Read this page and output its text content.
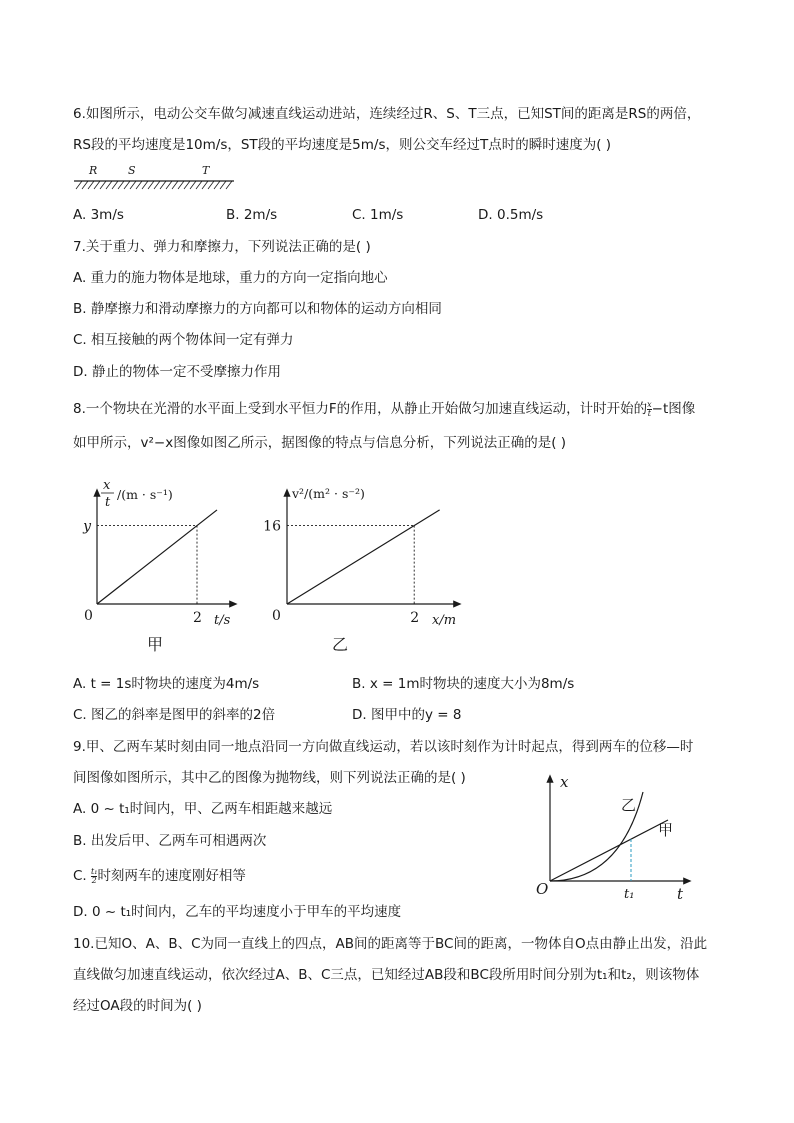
6.如图所示，电动公交车做匀减速直线运动进站，连续经过R、S、T三点，已知ST间的距离是RS的两倍，
RS段的平均速度是10m/s，ST段的平均速度是5m/s，则公交车经过T点时的瞬时速度为( )
R	S	T
A. 3m/s	B. 2m/s	C. 1m/s	D. 0.5m/s
7.关于重力、弹力和摩擦力，下列说法正确的是( )
A. 重力的施力物体是地球，重力的方向一定指向地心
B. 静摩擦力和滑动摩擦力的方向都可以和物体的运动方向相同
C. 相互接触的两个物体间一定有弹力
D. 静止的物体一定不受摩擦力作用
8.一个物块在光滑的水平面上受到水平恒力F的作用，从静止开始做匀加速直线运动，计时开始的 $\frac{x}{t} -t$图像
如甲所示，v²−x图像如图乙所示，据图像的特点与信息分析，下列说法正确的是( )
2
y
x
t
/(m · s⁻¹)
t/s
0
甲
2
16
v²/(m² · s⁻²)
x/m
0
乙
A. t = 1s时物块的速度为4m/s	B. x = 1m时物块的速度大小为8m/s
C. 图乙的斜率是图甲的斜率的2倍	D. 图甲中的y = 8
9.甲、乙两车某时刻由同一地点沿同一方向做直线运动，若以该时刻作为计时起点，得到两车的位移—时
间图像如图所示，其中乙的图像为抛物线，则下列说法正确的是( )
A. 0 ~ t₁时间内，甲、乙两车相距越来越远
B. 出发后甲、乙两车可相遇两次
C. $\frac{\text{t₁}}{2}$ 时刻两车的速度刚好相等
D. 0 ~ t₁时间内，乙车的平均速度小于甲车的平均速度
x
t
O
乙
甲
t₁
10.已知O、A、B、C为同一直线上的四点，AB间的距离等于BC间的距离，一物体自O点由静止出发，沿此
直线做匀加速直线运动，依次经过A、B、C三点，已知经过AB段和BC段所用时间分别为t₁和t₂，则该物体
经过OA段的时间为( )
